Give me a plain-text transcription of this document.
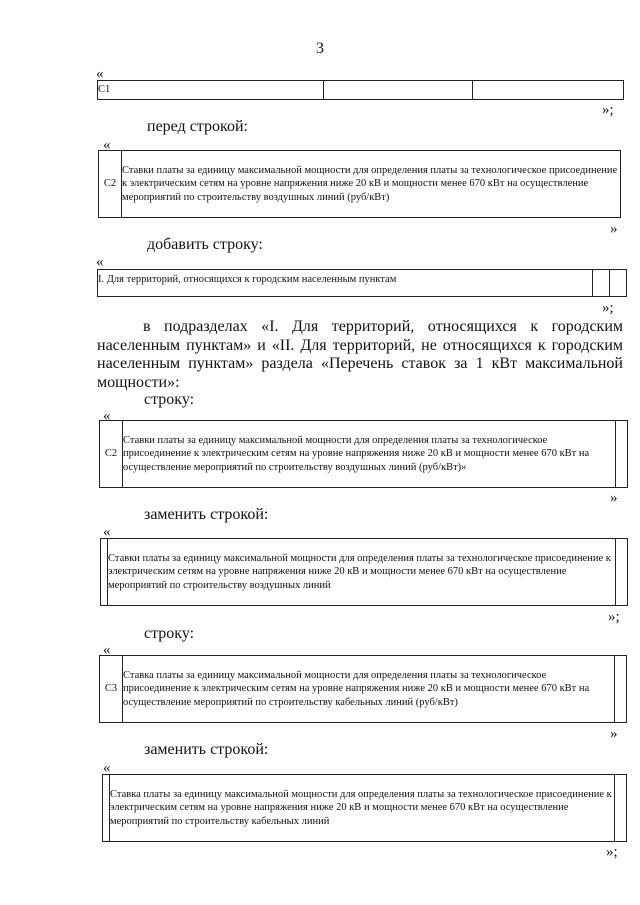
3
«
С1		
»;
перед строкой:
«
С2	Ставки платы за единицу максимальной мощности для определения платы за технологическое присоединение к электрическим сетям на уровне напряжения ниже 20 кВ и мощности менее 670 кВт на осуществление мероприятий по строительству воздушных линий (руб/кВт)
»
добавить строку:
«
I. Для территорий, относящихся к городским населенным пунктам		
»;
в подразделах «I. Для территорий, относящихся к городским населенным пунктам» и «II. Для территорий, не относящихся к городским населенным пунктам» раздела «Перечень ставок за 1 кВт максимальной мощности»:
строку:
«
С2	Ставки платы за единицу максимальной мощности для определения платы за технологическое присоединение к электрическим сетям на уровне напряжения ниже 20 кВ и мощности менее 670 кВт на осуществление мероприятий по строительству воздушных линий (руб/кВт)»	
»
заменить строкой:
«
	Ставки платы за единицу максимальной мощности для определения платы за технологическое присоединение к электрическим сетям на уровне напряжения ниже 20 кВ и мощности менее 670 кВт на осуществление мероприятий по строительству воздушных линий	
»;
строку:
«
С3	Ставка платы за единицу максимальной мощности для определения платы за технологическое присоединение к электрическим сетям на уровне напряжения ниже 20 кВ и мощности менее 670 кВт на осуществление мероприятий по строительству кабельных линий (руб/кВт)	
»
заменить строкой:
«
	Ставка платы за единицу максимальной мощности для определения платы за технологическое присоединение к электрическим сетям на уровне напряжения ниже 20 кВ и мощности менее 670 кВт на осуществление мероприятий по строительству кабельных линий	
»;
